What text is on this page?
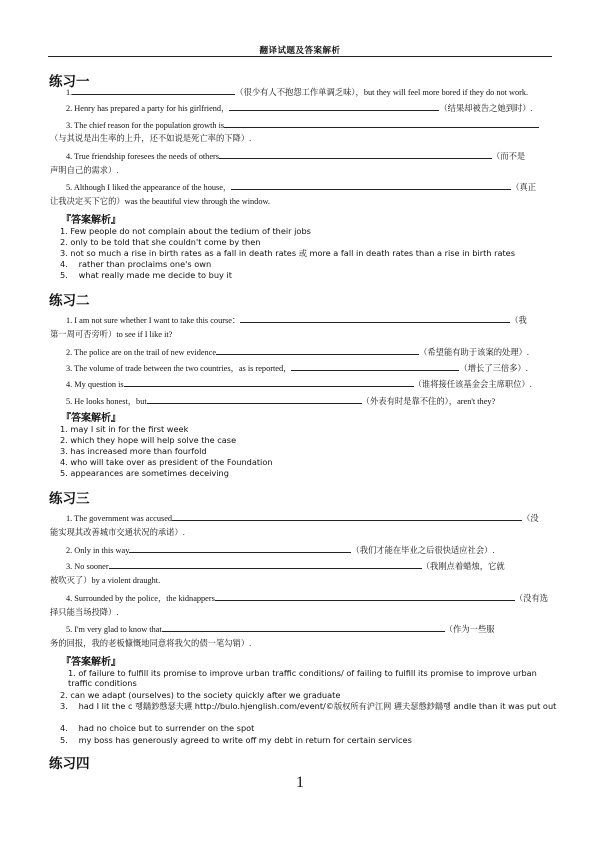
翻译试题及答案解析
练习一
1.	（很少有人不抱怨工作单调乏味），but they will feel more bored if they do not work.
2. Henry has prepared a party for his girlfriend，	（结果却被告之她到时）.
3. The chief reason for the population growth is
（与其说是出生率的上升，还不如说是死亡率的下降）.
4. True friendship foresees the needs of others	（而不是
声明自己的需求）.
5. Although I liked the appearance of the house，	（真正
让我决定买下它的）was the beautiful view through the window.
『答案解析』
1. Few people do not complain about the tedium of their jobs
2. only to be told that she couldn't come by then
3. not so much a rise in birth rates as a fall in death rates 或 more a fall in death rates than a rise in birth rates
4.　 rather than proclaims one's own
5.　 what really made me decide to buy it
练习二
1. I am not sure whether I want to take this course：	（我
第一周可否旁听）to see if I like it?
2. The police are on the trail of new evidence	（希望能有助于该案的处理）.
3. The volume of trade between the two countries，as is reported，	（增长了三倍多）.
4. My question is	（谁将接任该基金会主席职位）.
5. He looks honest，but	（外表有时是靠不住的），aren't they?
『答案解析』
1. may I sit in for the first week
2. which they hope will help solve the case
3. has increased more than fourfold
4. who will take over as president of the Foundation
5. appearances are sometimes deceiving
练习三
1. The government was accused	（没
能实现其改善城市交通状况的承诺）.
2. Only in this way	（我们才能在毕业之后很快适应社会）.
3. No sooner	（我刚点着蜡烛，它就
被吹灭了）by a violent draught.
4. Surrounded by the police，the kidnappers	（没有选
择只能当场投降）.
5. I'm very glad to know that	（作为一些服
务的回报，我的老板慷慨地同意将我欠的债一笔勾销）.
『答案解析』
1. of failure to fulfill its promise to improve urban traffic conditions/ of failing to fulfill its promise to improve urban traffic conditions
2. can we adapt (ourselves) to the society quickly after we graduate
3.　 had I lit the c 혱鐋鈔慇瑟夫瓙 http://bulo.hjenglish.com/event/©版权所有沪江网 瓙夫瑟慇鈔鐋혱 andle than it was put out
4.　 had no choice but to surrender on the spot
5.　 my boss has generously agreed to write off my debt in return for certain services
练习四
1
